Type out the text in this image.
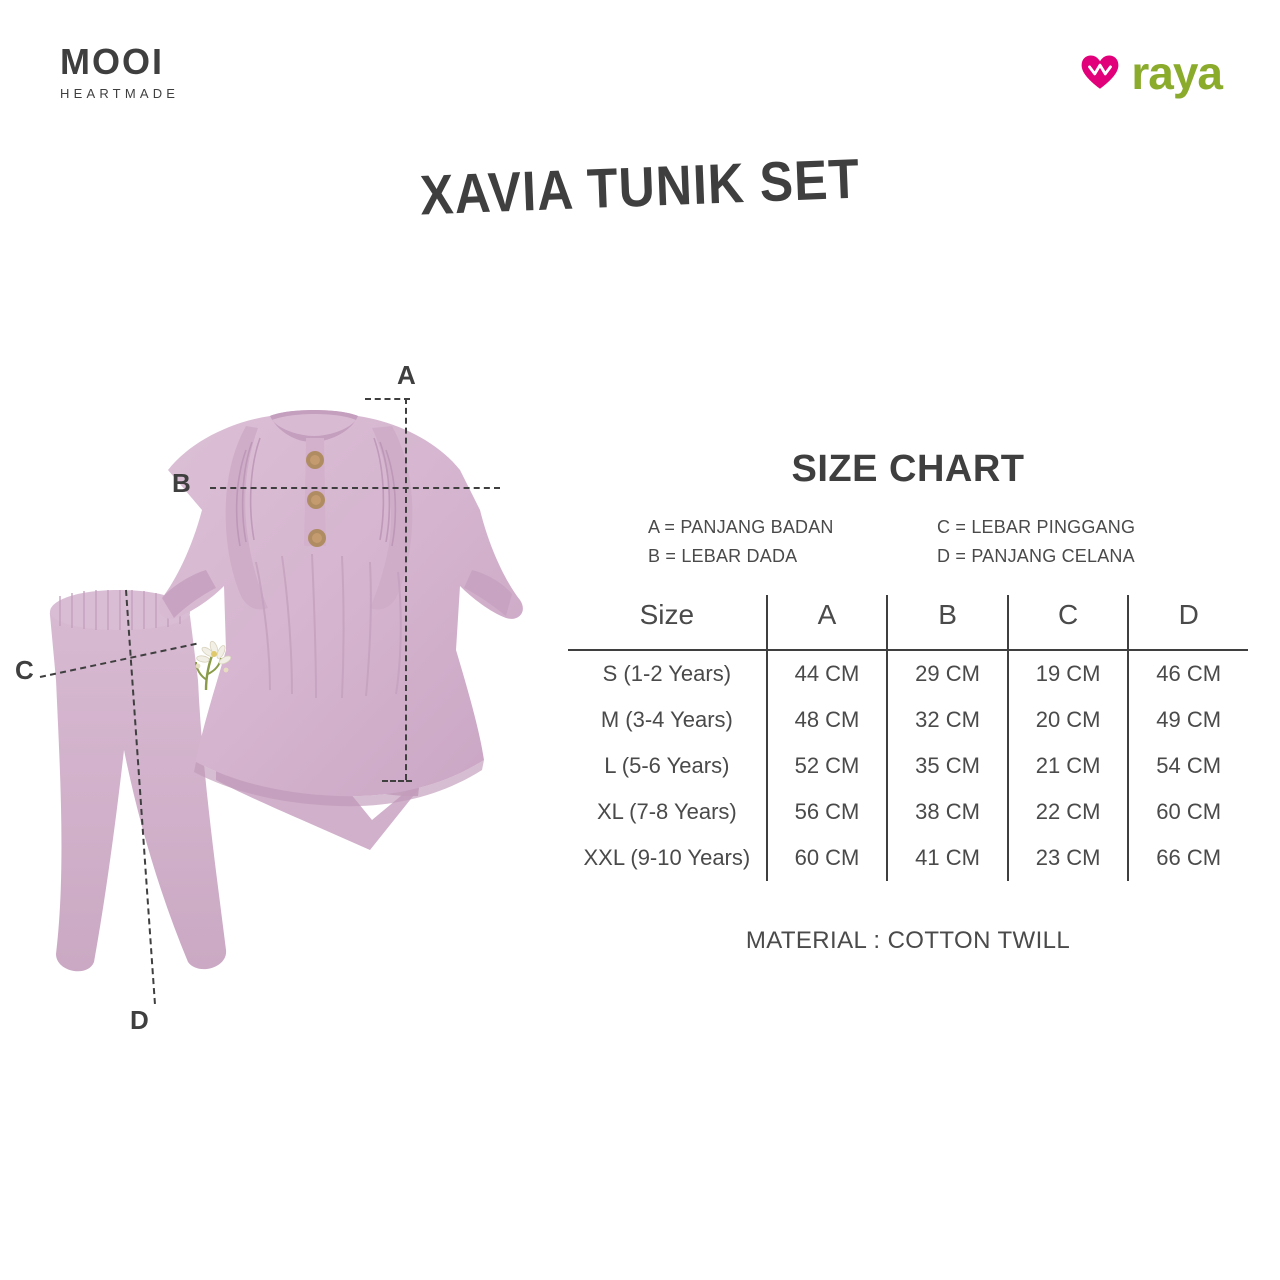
MOOI
HEARTMADE	raya
XAVIA TUNIK SET
A
B
C
D
SIZE CHART
A = PANJANG BADAN
B = LEBAR DADA
C = LEBAR PINGGANG
D = PANJANG CELANA
Size	A	B	C	D
S (1-2 Years)	44 CM	29 CM	19 CM	46 CM
M (3-4 Years)	48 CM	32 CM	20 CM	49 CM
L (5-6 Years)	52 CM	35 CM	21 CM	54 CM
XL (7-8 Years)	56 CM	38 CM	22 CM	60 CM
XXL (9-10 Years)	60 CM	41 CM	23 CM	66 CM
MATERIAL : COTTON TWILL
